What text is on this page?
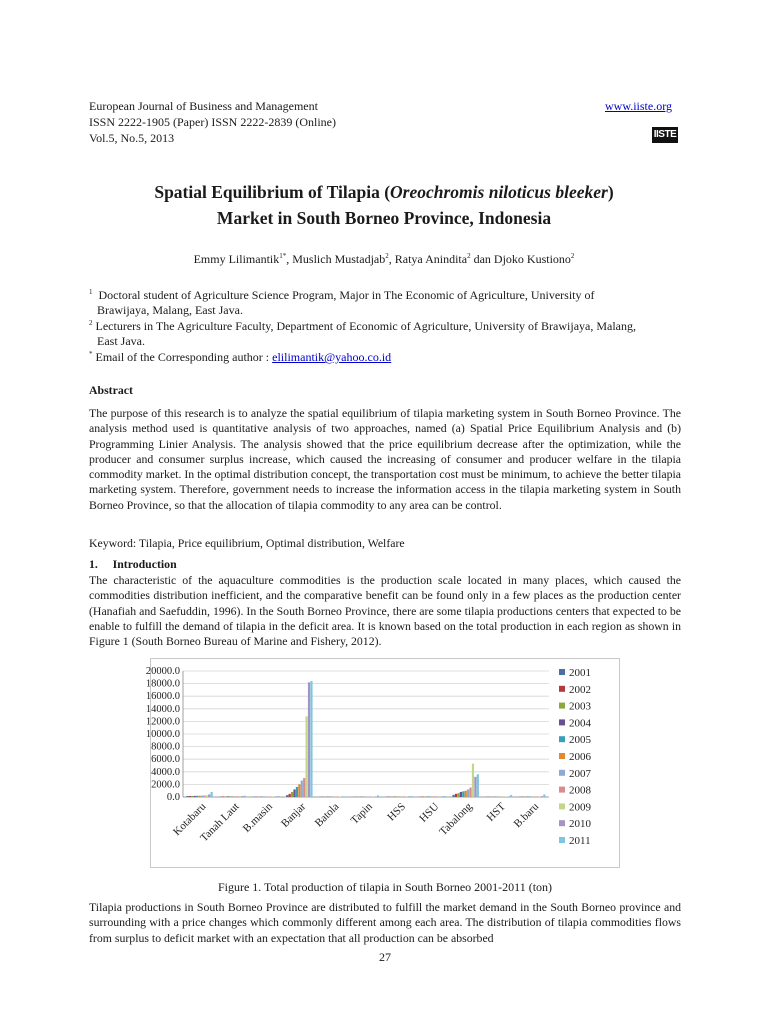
European Journal of Business and Management
ISSN 2222-1905 (Paper) ISSN 2222-2839 (Online)
Vol.5, No.5, 2013
www.iiste.org
IISTE
Spatial Equilibrium of Tilapia (Oreochromis niloticus bleeker)
Market in South Borneo Province, Indonesia
Emmy Lilimantik$^{1*}$, Muslich Mustadjab$^2$, Ratya Anindita$^2$ dan Djoko Kustiono$^2$
$^1$ Doctoral student of Agriculture Science Program, Major in The Economic of Agriculture, University of
Brawijaya, Malang, East Java.
$^2$ Lecturers in The Agriculture Faculty, Department of Economic of Agriculture, University of Brawijaya, Malang,
East Java.
* Email of the Corresponding author : elilimantik@yahoo.co.id
Abstract
The purpose of this research is to analyze the spatial equilibrium of tilapia marketing system in South Borneo Province. The analysis method used is quantitative analysis of two approaches, named (a) Spatial Price Equilibrium Analysis and (b) Programming Linier Analysis. The analysis showed that the price equilibrium decrease after the optimization, while the producer and consumer surplus increase, which caused the increasing of consumer and producer welfare in the tilapia commodity market. In the optimal distribution concept, the transportation cost must be minimum, to achieve the better tilapia marketing system. Therefore, government needs to increase the information access in the tilapia marketing system in South Borneo Province, so that the allocation of tilapia commodity to any area can be control.
Keyword: Tilapia, Price equilibrium, Optimal distribution, Welfare
1. Introduction
The characteristic of the aquaculture commodities is the production scale located in many places, which caused the commodities distribution inefficient, and the comparative benefit can be found only in a few places as the production center (Hanafiah and Saefuddin, 1996). In the South Borneo Province, there are some tilapia productions centers that expected to be enable to fulfill the demand of tilapia in the deficit area. It is known based on the total production in each region as shown in Figure 1 (South Borneo Bureau of Marine and Fishery, 2012).
20000.0
18000.0
16000.0
14000.0
12000.0
10000.0
8000.0
6000.0
4000.0
2000.0
0.0
Kotabaru
Tanah Laut B.masin Banjar Batola Tapin HSS HSU
Tabalong HST B.baru
2001
2002
2003
2004
2005
2006
2007
2008
2009
2010
2011
Figure 1. Total production of tilapia in South Borneo 2001-2011 (ton)
Tilapia productions in South Borneo Province are distributed to fulfill the market demand in the South Borneo province and surrounding with a price changes which commonly different among each area. The distribution of tilapia commodities flows from surplus to deficit market with an expectation that all production can be absorbed
27
